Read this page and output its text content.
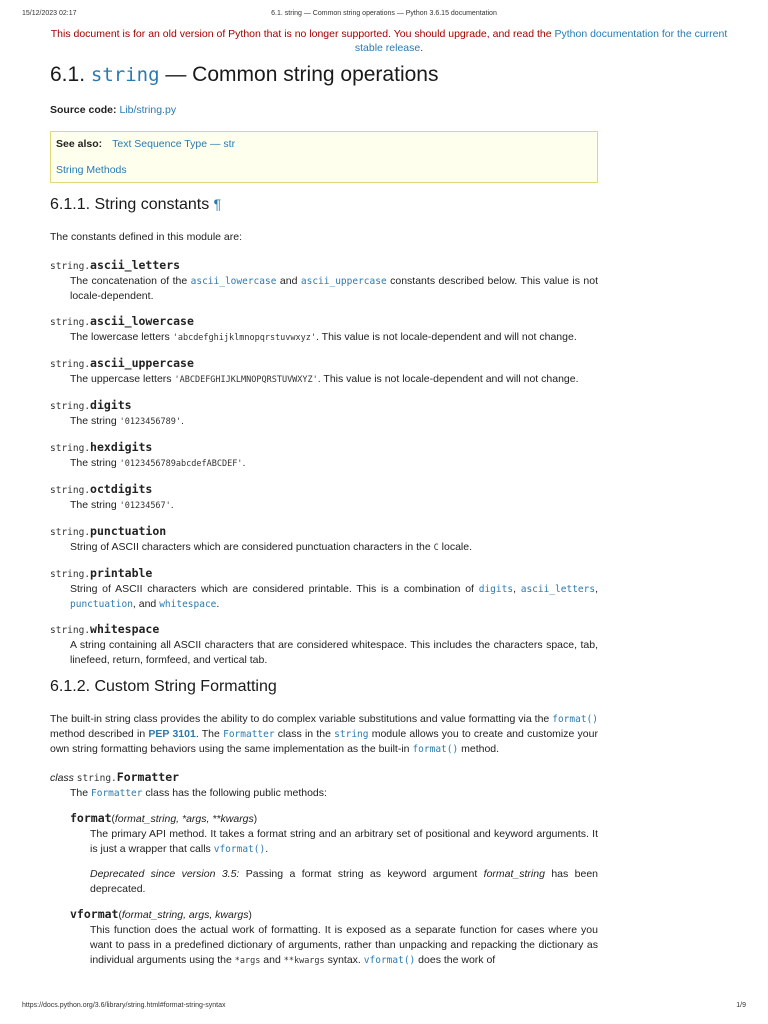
15/12/2023 02:17	6.1. string — Common string operations — Python 3.6.15 documentation
This document is for an old version of Python that is no longer supported. You should upgrade, and read the Python documentation for the current stable release.
6.1. string — Common string operations
Source code: Lib/string.py
See also: Text Sequence Type — str
String Methods
6.1.1. String constants ¶
The constants defined in this module are:
string.ascii_letters
The concatenation of the ascii_lowercase and ascii_uppercase constants described below. This value is not locale-dependent.
string.ascii_lowercase
The lowercase letters 'abcdefghijklmnopqrstuvwxyz'. This value is not locale-dependent and will not change.
string.ascii_uppercase
The uppercase letters 'ABCDEFGHIJKLMNOPQRSTUVWXYZ'. This value is not locale-dependent and will not change.
string.digits
The string '0123456789'.
string.hexdigits
The string '0123456789abcdefABCDEF'.
string.octdigits
The string '01234567'.
string.punctuation
String of ASCII characters which are considered punctuation characters in the C locale.
string.printable
String of ASCII characters which are considered printable. This is a combination of digits, ascii_letters, punctuation, and whitespace.
string.whitespace
A string containing all ASCII characters that are considered whitespace. This includes the characters space, tab, linefeed, return, formfeed, and vertical tab.
6.1.2. Custom String Formatting
The built-in string class provides the ability to do complex variable substitutions and value formatting via the format() method described in PEP 3101. The Formatter class in the string module allows you to create and customize your own string formatting behaviors using the same implementation as the built-in format() method.
class string.Formatter
The Formatter class has the following public methods:
format(format_string, *args, **kwargs)
The primary API method. It takes a format string and an arbitrary set of positional and keyword arguments. It is just a wrapper that calls vformat().
Deprecated since version 3.5: Passing a format string as keyword argument format_string has been deprecated.
vformat(format_string, args, kwargs)
This function does the actual work of formatting. It is exposed as a separate function for cases where you want to pass in a predefined dictionary of arguments, rather than unpacking and repacking the dictionary as individual arguments using the *args and **kwargs syntax. vformat() does the work of
https://docs.python.org/3.6/library/string.html#format-string-syntax	1/9
